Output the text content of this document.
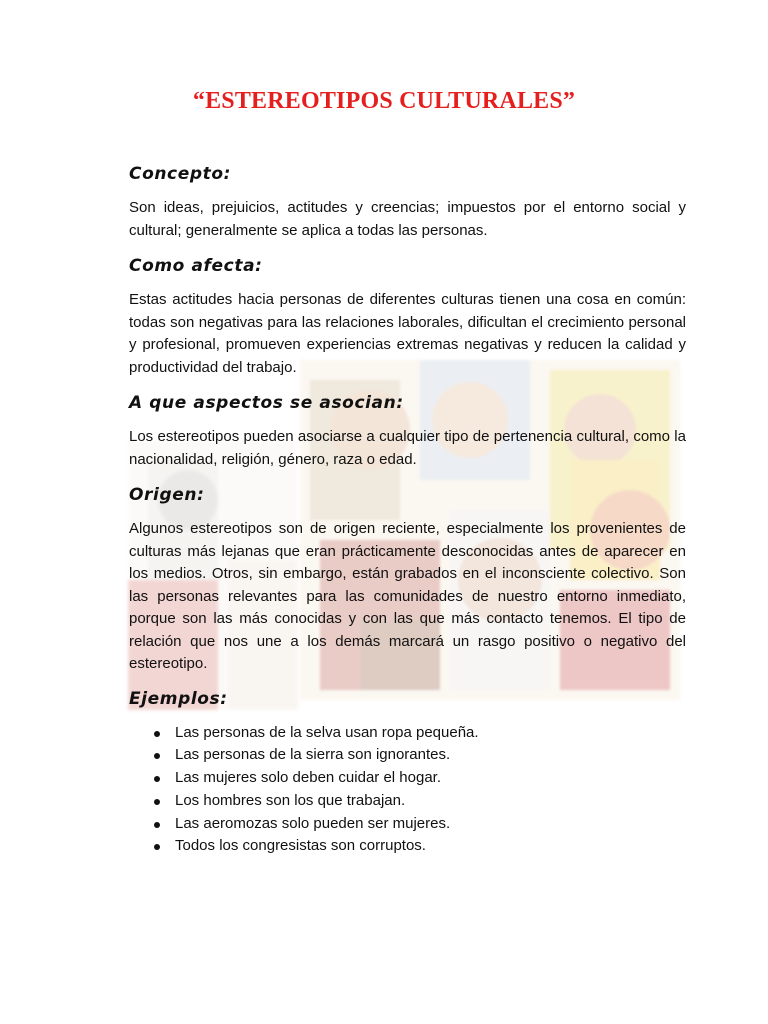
“ESTEREOTIPOS CULTURALES”
Concepto:

Son ideas, prejuicios, actitudes y creencias; impuestos por el entorno social y cultural; generalmente se aplica a todas las personas.

Como afecta:

Estas actitudes hacia personas de diferentes culturas tienen una cosa en común: todas son negativas para las relaciones laborales, dificultan el crecimiento personal y profesional, promueven experiencias extremas negativas y reducen la calidad y productividad del trabajo.

A que aspectos se asocian:

Los estereotipos pueden asociarse a cualquier tipo de pertenencia cultural, como la nacionalidad, religión, género, raza o edad.

Origen:

Algunos estereotipos son de origen reciente, especialmente los provenientes de culturas más lejanas que eran prácticamente desconocidas antes de aparecer en los medios. Otros, sin embargo, están grabados en el inconsciente colectivo. Son las personas relevantes para las comunidades de nuestro entorno inmediato, porque son las más conocidas y con las que más contacto tenemos. El tipo de relación que nos une a los demás marcará un rasgo positivo o negativo del estereotipo.

Ejemplos:
Las personas de la selva usan ropa pequeña.
Las personas de la sierra son ignorantes.
Las mujeres solo deben cuidar el hogar.
Los hombres son los que trabajan.
Las aeromozas solo pueden ser mujeres.
Todos los congresistas son corruptos.
